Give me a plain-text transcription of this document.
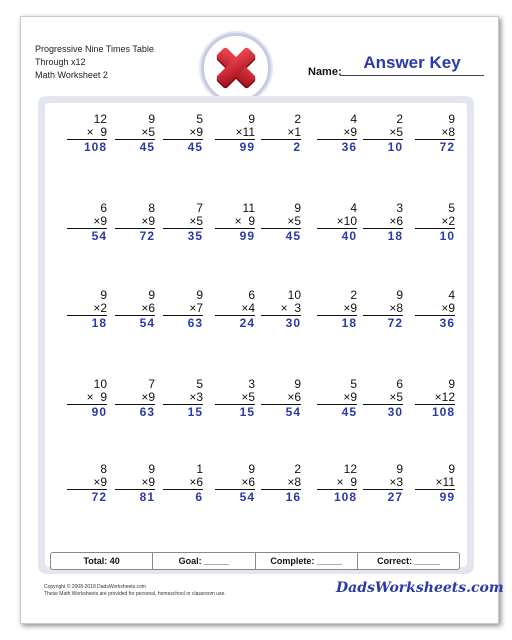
Progressive Nine Times Table
Through x12
Math Worksheet 2	Name:	Answer Key
12
×  9
108
9
×5
45
5
×9
45
9
×11
99
2
×1
2
4
×9
36
2
×5
10
9
×8
72
6
×9
54
8
×9
72
7
×5
35
11
×  9
99
9
×5
45
4
×10
40
3
×6
18
5
×2
10
9
×2
18
9
×6
54
9
×7
63
6
×4
24
10
×  3
30
2
×9
18
9
×8
72
4
×9
36
10
×  9
90
7
×9
63
5
×3
15
3
×5
15
9
×6
54
5
×9
45
6
×5
30
9
×12
108
8
×9
72
9
×9
81
1
×6
6
9
×6
54
2
×8
16
12
×  9
108
9
×3
27
9
×11
99
Total: 40	Goal: _____	Complete: _____	Correct: _____
Copyright © 2008-2018 DadsWorksheets.com
These Math Worksheets are provided for personal, homeschool or classroom use.	DadsWorksheets.com
